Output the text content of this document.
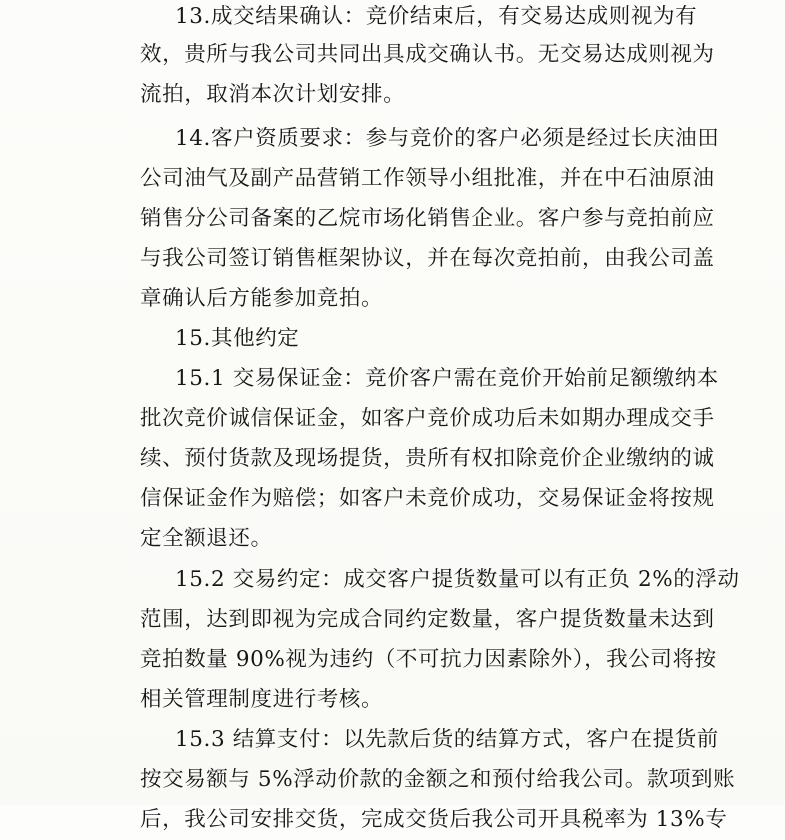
13.成交结果确认：竞价结束后，有交易达成则视为有

效，贵所与我公司共同出具成交确认书。无交易达成则视为

流拍，取消本次计划安排。

14.客户资质要求：参与竞价的客户必须是经过长庆油田

公司油气及副产品营销工作领导小组批准，并在中石油原油

销售分公司备案的乙烷市场化销售企业。客户参与竞拍前应

与我公司签订销售框架协议，并在每次竞拍前，由我公司盖

章确认后方能参加竞拍。

15.其他约定

15.1 交易保证金：竞价客户需在竞价开始前足额缴纳本

批次竞价诚信保证金，如客户竞价成功后未如期办理成交手

续、预付货款及现场提货，贵所有权扣除竞价企业缴纳的诚

信保证金作为赔偿；如客户未竞价成功，交易保证金将按规

定全额退还。

15.2 交易约定：成交客户提货数量可以有正负 2%的浮动

范围，达到即视为完成合同约定数量，客户提货数量未达到

竞拍数量 90%视为违约（不可抗力因素除外），我公司将按

相关管理制度进行考核。

15.3 结算支付：以先款后货的结算方式，客户在提货前

按交易额与 5%浮动价款的金额之和预付给我公司。款项到账

后，我公司安排交货，完成交货后我公司开具税率为 13%专
